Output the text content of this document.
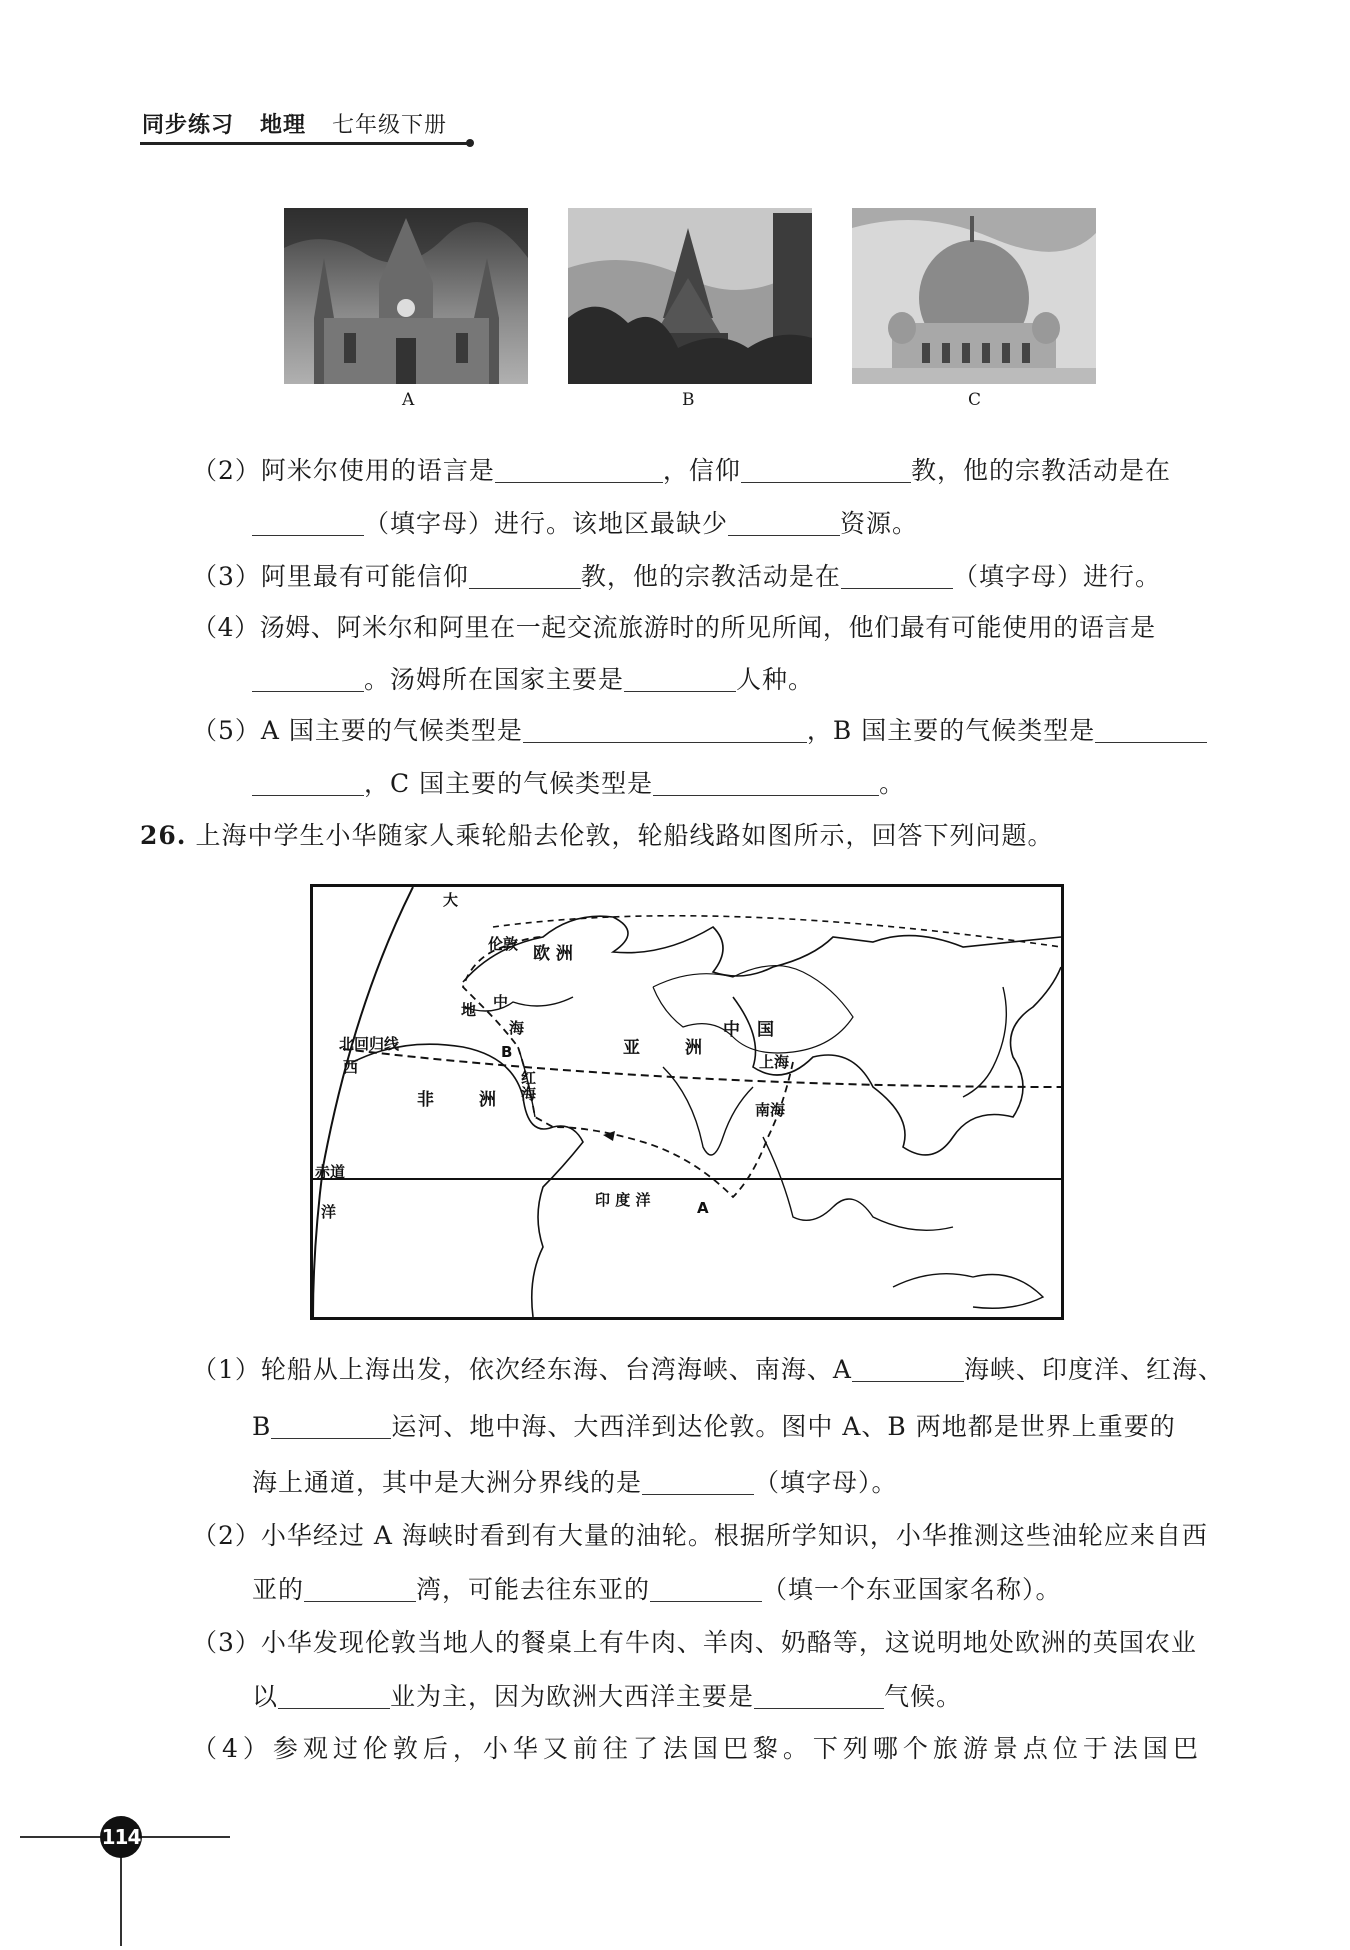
同步练习 地理 七年级下册
A	B	C
（2）阿米尔使用的语言是	，信仰	教，他的宗教活动是在
（填字母）进行。该地区最缺少	资源。
（3）阿里最有可能信仰	教，他的宗教活动是在	（填字母）进行。
（4）汤姆、阿米尔和阿里在一起交流旅游时的所见所闻，他们最有可能使用的语言是
。汤姆所在国家主要是	人种。
（5）A 国主要的气候类型是	，B 国主要的气候类型是
，C 国主要的气候类型是	。
26. 上海中学生小华随家人乘轮船去伦敦，轮船线路如图所示，回答下列问题。
大
伦敦 欧 洲
地 中
海
北回归线
西
B
红
海
亚	洲
中　国
上海
非	洲	南海
赤道
洋
印 度 洋	A
（1）轮船从上海出发，依次经东海、台湾海峡、南海、A	海峡、印度洋、红海、
B	运河、地中海、大西洋到达伦敦。图中 A、B 两地都是世界上重要的
海上通道，其中是大洲分界线的是	（填字母）。
（2）小华经过 A 海峡时看到有大量的油轮。根据所学知识，小华推测这些油轮应来自西
亚的	湾，可能去往东亚的	（填一个东亚国家名称）。
（3）小华发现伦敦当地人的餐桌上有牛肉、羊肉、奶酪等，这说明地处欧洲的英国农业
以	业为主，因为欧洲大西洋主要是	气候。
（4）参观过伦敦后，小华又前往了法国巴黎。下列哪个旅游景点位于法国巴
114
